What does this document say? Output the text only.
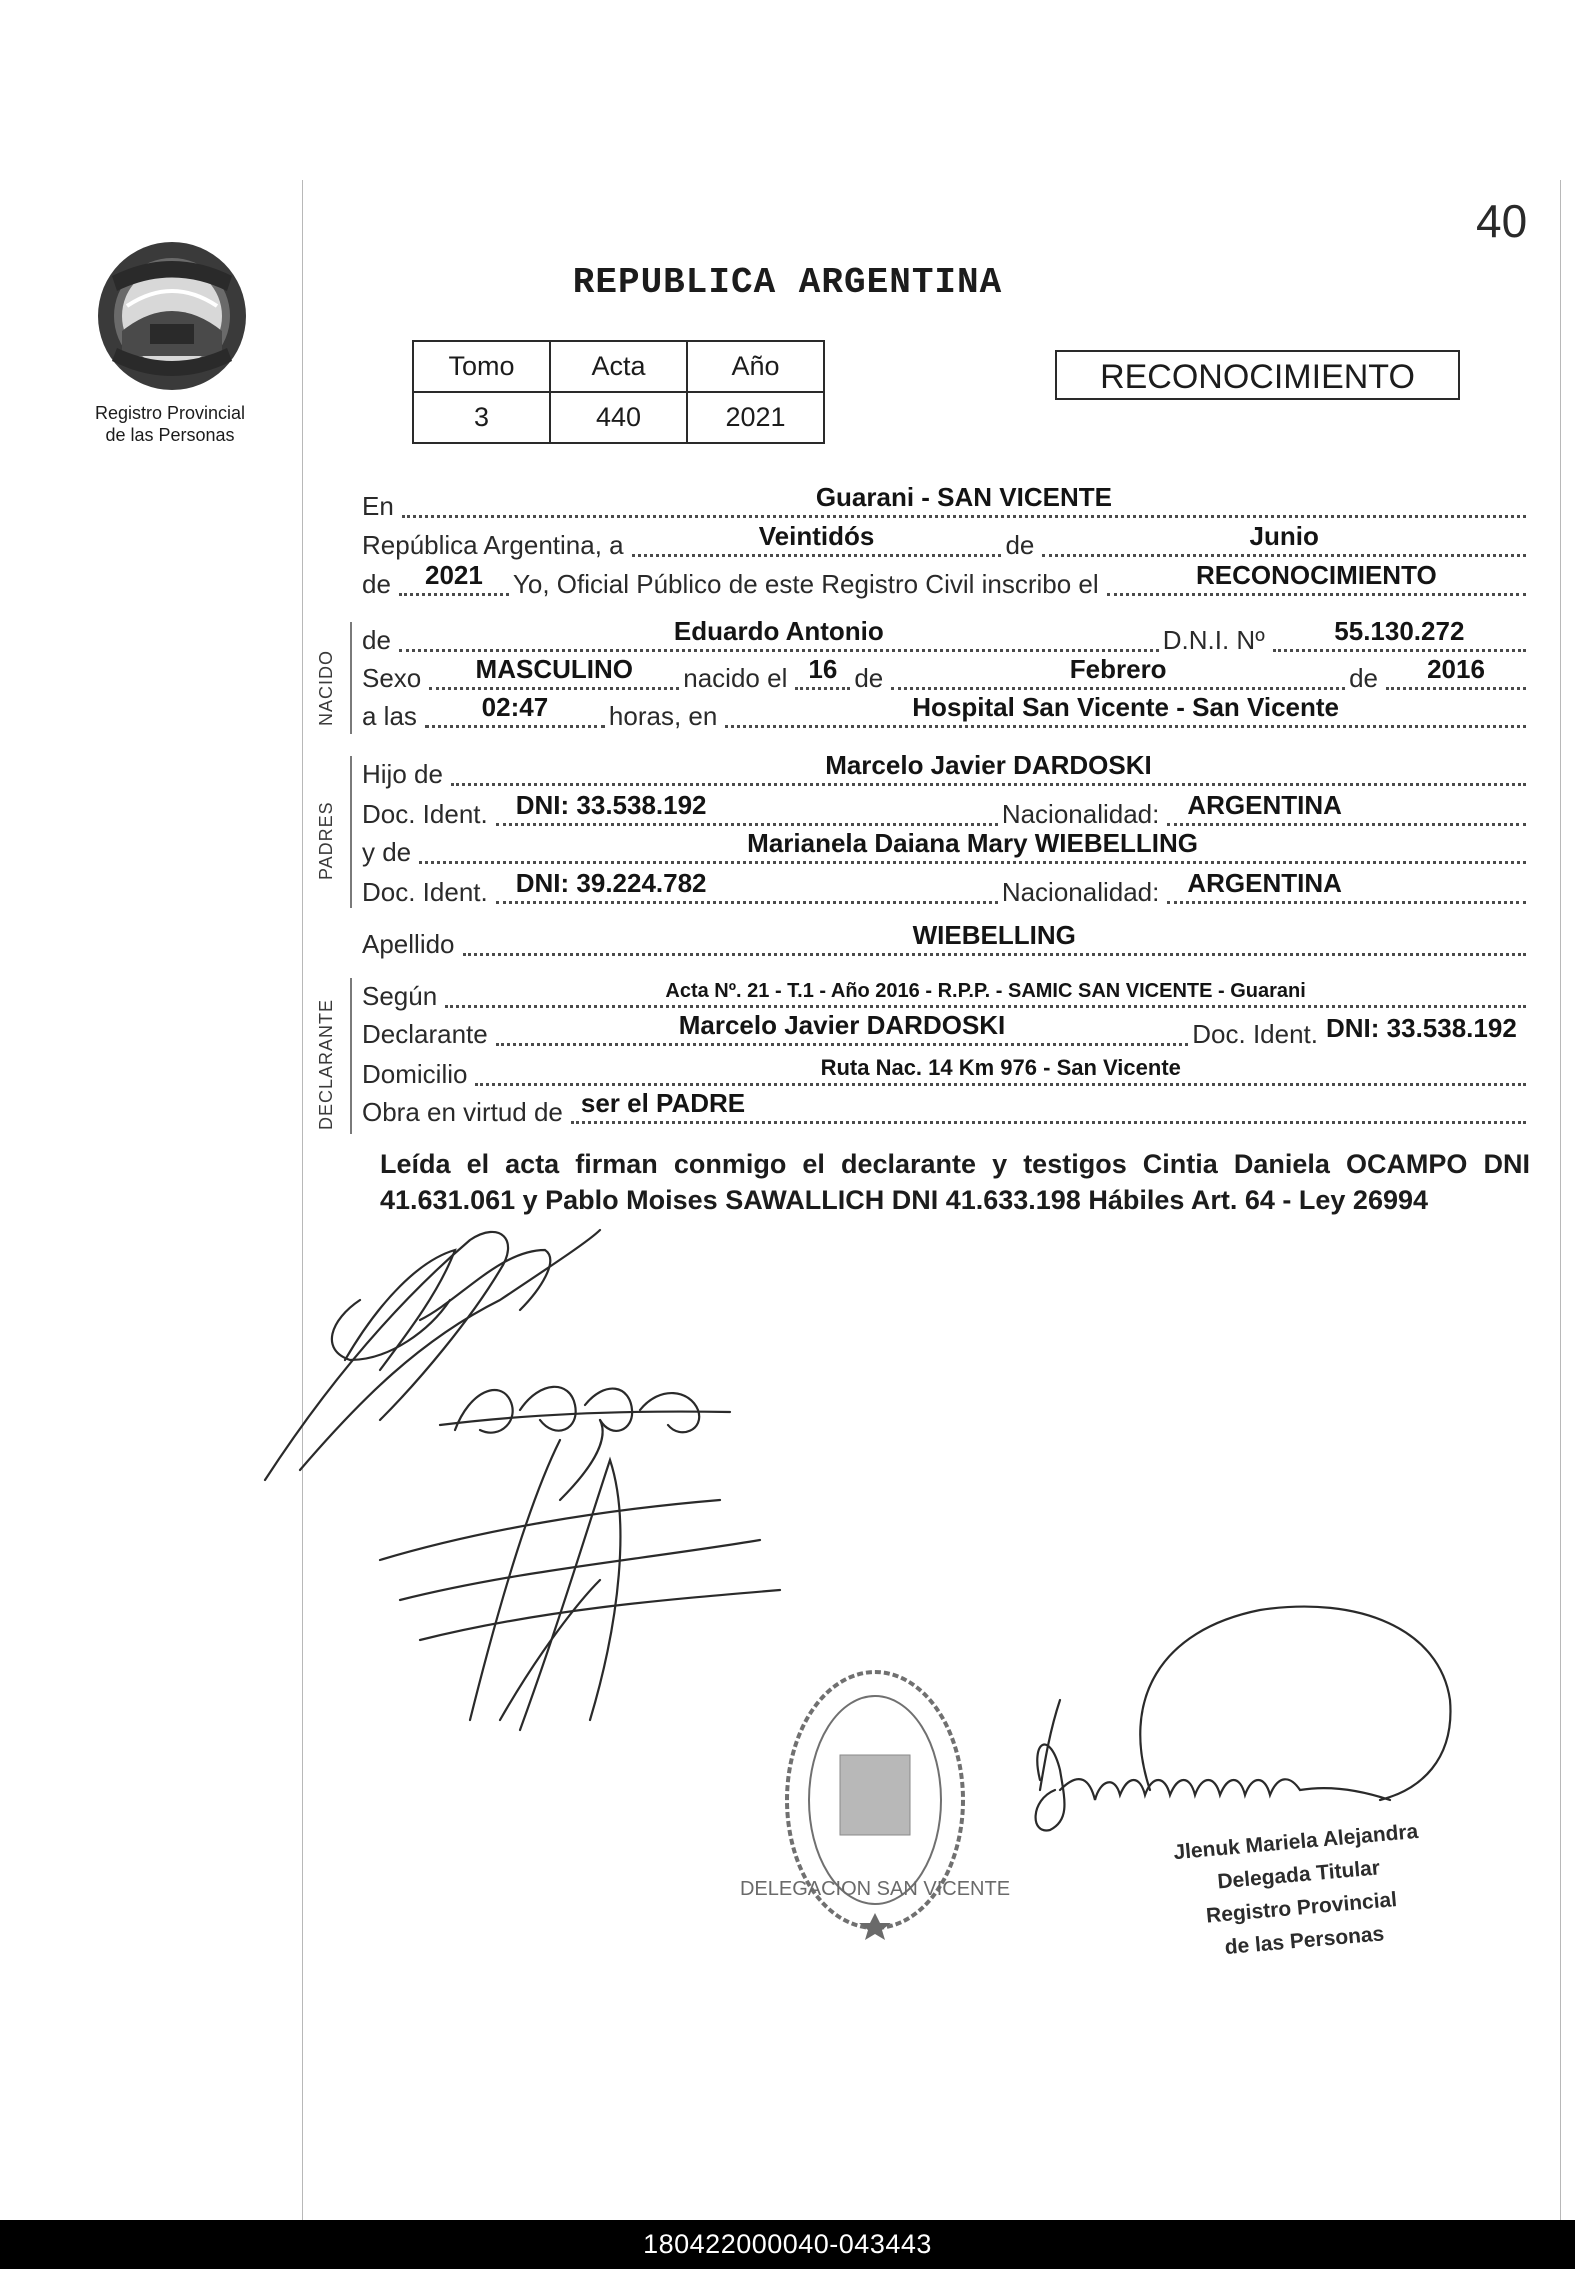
40
REPUBLICA ARGENTINA
Registro Provincial
de las Personas
Tomo	Acta	Año
3	440	2021
RECONOCIMIENTO
En	Guarani - SAN VICENTE
República Argentina, a	Veintidós	de	Junio
de	2021	Yo, Oficial Público de este Registro Civil inscribo el	RECONOCIMIENTO
NACIDO
de	Eduardo Antonio	D.N.I. Nº	55.130.272
Sexo	MASCULINO	nacido el 16 de	Febrero	de	2016
a las	02:47	horas, en	Hospital San Vicente - San Vicente
PADRES
Hijo de	Marcelo Javier DARDOSKI
Doc. Ident.	DNI: 33.538.192	Nacionalidad:	ARGENTINA
y de	Marianela Daiana Mary WIEBELLING
Doc. Ident.	DNI: 39.224.782	Nacionalidad:	ARGENTINA
Apellido	WIEBELLING
DECLARANTE
Según	Acta Nº. 21 - T.1 - Año 2016 - R.P.P. - SAMIC SAN VICENTE - Guarani
Declarante	Marcelo Javier DARDOSKI	Doc. Ident. DNI: 33.538.192
Domicilio	Ruta Nac. 14 Km 976 - San Vicente
Obra en virtud de ser el PADRE
Leída el acta firman conmigo el declarante y testigos Cintia Daniela OCAMPO DNI 41.631.061 y Pablo Moises SAWALLICH DNI 41.633.198 Hábiles Art. 64 - Ley 26994
DELEGACION SAN VICENTE
Jlenuk Mariela Alejandra
Delegada Titular
Registro Provincial
de las Personas
180422000040-043443
